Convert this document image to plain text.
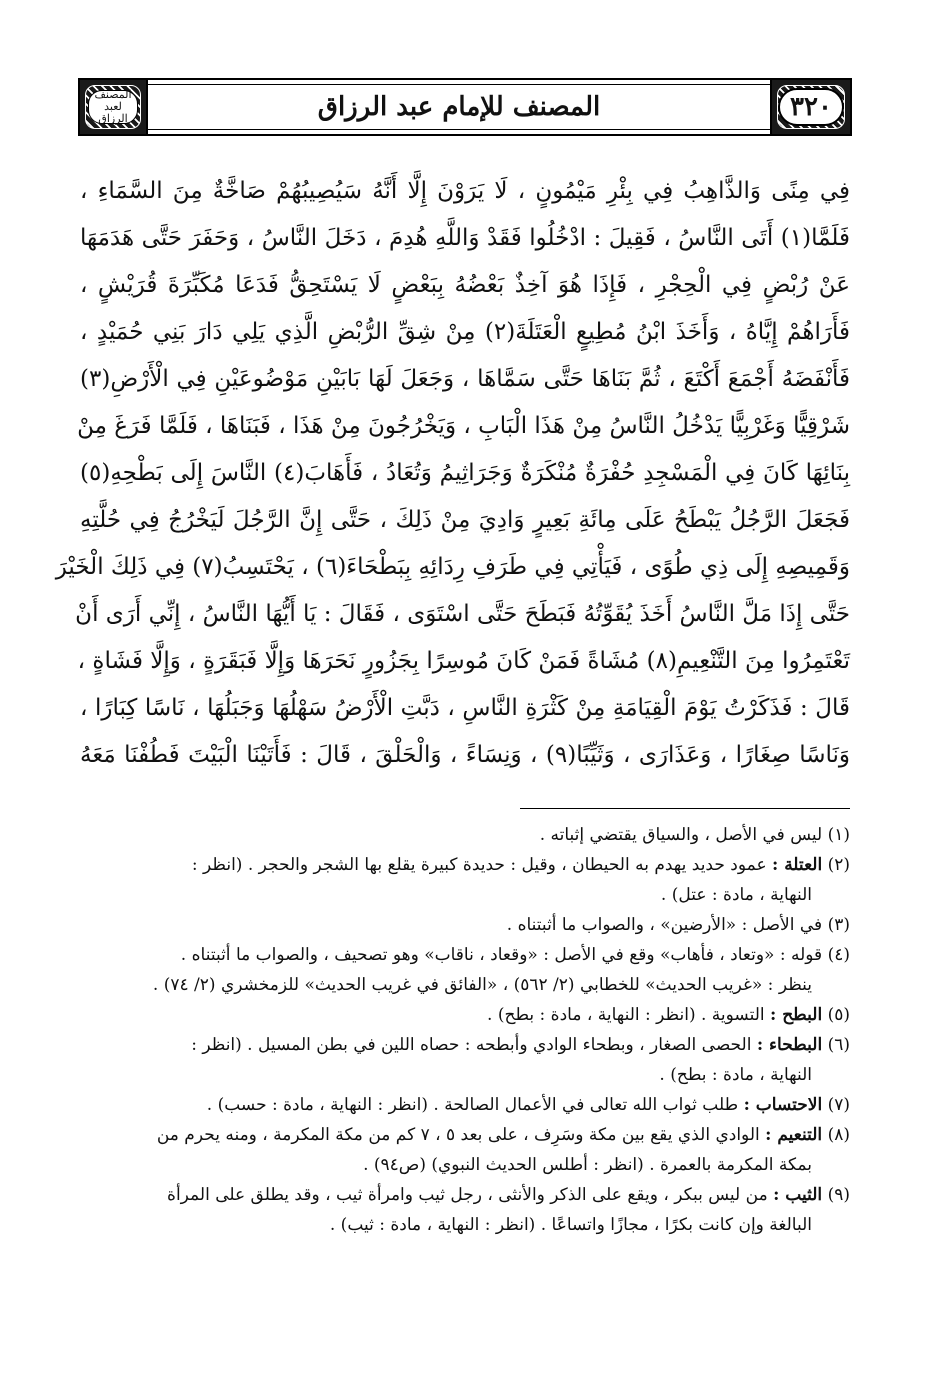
المصنف
لعبد الرزاق	المصنف للإمام عبد الرزاق	٣٢٠
فِي مِنًى وَالذَّاهِبُ فِي بِئْرِ مَيْمُونٍ ، لَا يَرَوْنَ إِلَّا أَنَّهُ سَيُصِيبُهُمْ صَاخَّةٌ مِنَ السَّمَاءِ ،
فَلَمَّا(١) أَتَى النَّاسُ ، فَقِيلَ : ادْخُلُوا فَقَدْ وَاللَّهِ هُدِمَ ، دَخَلَ النَّاسُ ، وَحَفَرَ حَتَّى هَدَمَهَا
عَنْ رُبْضٍ فِي الْحِجْرِ ، فَإِذَا هُوَ آخِذٌ بَعْضُهُ بِبَعْضٍ لَا يَسْتَحِقُّ فَدَعَا مُكَبِّرَةَ قُرَيْشٍ ،
فَأَرَاهُمْ إِيَّاهُ ، وَأَخَذَ ابْنُ مُطِيعٍ الْعَتَلَةَ(٢) مِنْ شِقِّ الرُّبْضِ الَّذِي يَلِي دَارَ بَنِي حُمَيْدٍ ،
فَأَنْفَضَهُ أَجْمَعَ أَكْتَعَ ، ثُمَّ بَنَاهَا حَتَّى سَمَّاهَا ، وَجَعَلَ لَهَا بَابَيْنِ مَوْضُوعَيْنِ فِي الْأَرْضِ(٣)
شَرْقِيًّا وَغَرْبِيًّا يَدْخُلُ النَّاسُ مِنْ هَذَا الْبَابِ ، وَيَخْرُجُونَ مِنْ هَذَا ، فَبَنَاهَا ، فَلَمَّا فَرَغَ مِنْ
بِنَائِهَا كَانَ فِي الْمَسْجِدِ حُفْرَةٌ مُنْكَرَةٌ وَجَرَاثِيمُ وَتُعَادُ ، فَأَهَابَ(٤) النَّاسَ إِلَى بَطْحِهِ(٥)
فَجَعَلَ الرَّجُلُ يَبْطَحُ عَلَى مِائَةِ بَعِيرٍ وَادِيَ مِنْ ذَلِكَ ، حَتَّى إِنَّ الرَّجُلَ لَيَخْرُجُ فِي حُلَّتِهِ
وَقَمِيصِهِ إِلَى ذِي طُوًى ، فَيَأْتِي فِي طَرَفِ رِدَائِهِ بِبَطْحَاءَ(٦) ، يَحْتَسِبُ(٧) فِي ذَلِكَ الْخَيْرَ
حَتَّى إِذَا مَلَّ النَّاسُ أَخَذَ يُقَوِّتُهُ فَبَطَحَ حَتَّى اسْتَوَى ، فَقَالَ : يَا أَيُّهَا النَّاسُ ، إِنِّي أَرَى أَنْ
تَعْتَمِرُوا مِنَ التَّنْعِيمِ(٨) مُشَاةً فَمَنْ كَانَ مُوسِرًا بِجَزُورٍ نَحَرَهَا وَإِلَّا فَبَقَرَةٍ ، وَإِلَّا فَشَاةٍ ،
قَالَ : فَذَكَرْتُ يَوْمَ الْقِيَامَةِ مِنْ كَثْرَةِ النَّاسِ ، دَبَّتِ الْأَرْضُ سَهْلُهَا وَجَبَلُهَا ، نَاسًا كِبَارًا ،
وَنَاسًا صِغَارًا ، وَعَذَارَى ، وَثَيِّبًا(٩) ، وَنِسَاءً ، وَالْحَلْقَ ، قَالَ : فَأَتَيْنَا الْبَيْتَ فَطُفْنَا مَعَهُ
(١) ليس في الأصل ، والسياق يقتضي إثباته .
(٢) العتلة : عمود حديد يهدم به الحيطان ، وقيل : حديدة كبيرة يقلع بها الشجر والحجر . (انظر :
النهاية ، مادة : عتل) .
(٣) في الأصل : «الأرضين» ، والصواب ما أثبتناه .
(٤) قوله : «وتعاد ، فأهاب» وقع في الأصل : «وقعاد ، ناقاب» وهو تصحيف ، والصواب ما أثبتناه .
ينظر : «غريب الحديث» للخطابي (٢/ ٥٦٢) ، «الفائق في غريب الحديث» للزمخشري (٢/ ٧٤) .
(٥) البطح : التسوية . (انظر : النهاية ، مادة : بطح) .
(٦) البطحاء : الحصى الصغار ، وبطحاء الوادي وأبطحه : حصاه اللين في بطن المسيل . (انظر :
النهاية ، مادة : بطح) .
(٧) الاحتساب : طلب ثواب الله تعالى في الأعمال الصالحة . (انظر : النهاية ، مادة : حسب) .
(٨) التنعيم : الوادي الذي يقع بين مكة وسَرِف ، على بعد ٥ ، ٧ كم من مكة المكرمة ، ومنه يحرم من
بمكة المكرمة بالعمرة . (انظر : أطلس الحديث النبوي) (ص٩٤) .
(٩) الثيب : من ليس ببكر ، ويقع على الذكر والأنثى ، رجل ثيب وامرأة ثيب ، وقد يطلق على المرأة
البالغة وإن كانت بكرًا ، مجازًا واتساعًا . (انظر : النهاية ، مادة : ثيب) .
